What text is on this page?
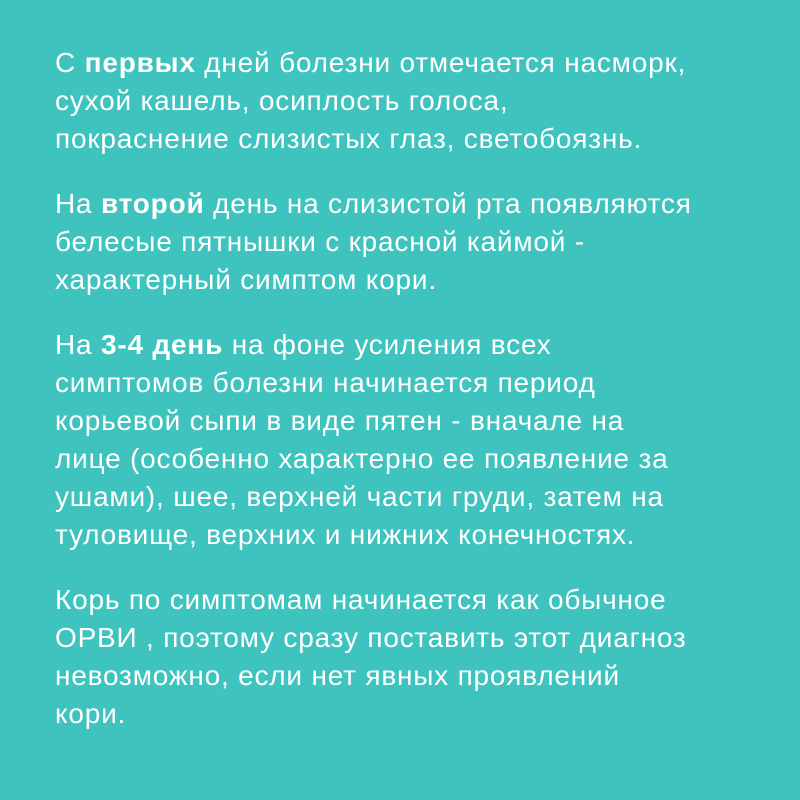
С первых дней болезни отмечается насморк,
сухой кашель, осиплость голоса,
покраснение слизистых глаз, светобоязнь.
На второй день на слизистой рта появляются
белесые пятнышки с красной каймой -
характерный симптом кори.
На 3-4 день на фоне усиления всех
симптомов болезни начинается период
корьевой сыпи в виде пятен - вначале на
лице (особенно характерно ее появление за
ушами), шее, верхней части груди, затем на
туловище, верхних и нижних конечностях.
Корь по симптомам начинается как обычное
ОРВИ , поэтому сразу поставить этот диагноз
невозможно, если нет явных проявлений
кори.
